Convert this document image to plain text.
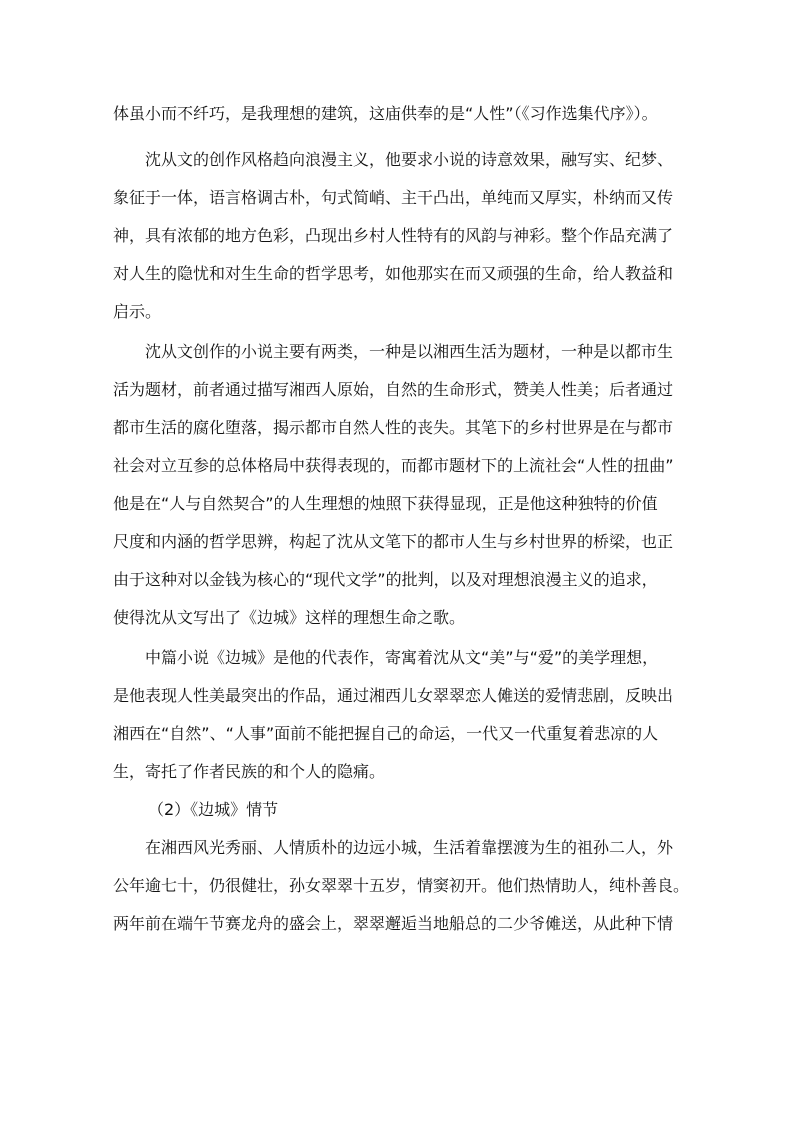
体虽小而不纤巧，是我理想的建筑，这庙供奉的是“人性”（《习作选集代序》）。
沈从文的创作风格趋向浪漫主义，他要求小说的诗意效果，融写实、纪梦、
象征于一体，语言格调古朴，句式简峭、主干凸出，单纯而又厚实，朴纳而又传
神，具有浓郁的地方色彩，凸现出乡村人性特有的风韵与神彩。整个作品充满了
对人生的隐忧和对生生命的哲学思考，如他那实在而又顽强的生命，给人教益和
启示。
沈从文创作的小说主要有两类，一种是以湘西生活为题材，一种是以都市生
活为题材，前者通过描写湘西人原始，自然的生命形式，赞美人性美；后者通过
都市生活的腐化堕落，揭示都市自然人性的丧失。其笔下的乡村世界是在与都市
社会对立互参的总体格局中获得表现的，而都市题材下的上流社会“人性的扭曲”
他是在“人与自然契合”的人生理想的烛照下获得显现，正是他这种独特的价值
尺度和内涵的哲学思辨，构起了沈从文笔下的都市人生与乡村世界的桥梁，也正
由于这种对以金钱为核心的“现代文学”的批判，以及对理想浪漫主义的追求，
使得沈从文写出了《边城》这样的理想生命之歌。
中篇小说《边城》是他的代表作，寄寓着沈从文“美”与“爱”的美学理想，
是他表现人性美最突出的作品，通过湘西儿女翠翠恋人傩送的爱情悲剧，反映出
湘西在“自然”、“人事”面前不能把握自己的命运，一代又一代重复着悲凉的人
生，寄托了作者民族的和个人的隐痛。
（2）《边城》情节
在湘西风光秀丽、人情质朴的边远小城，生活着靠摆渡为生的祖孙二人，外
公年逾七十，仍很健壮，孙女翠翠十五岁，情窦初开。他们热情助人，纯朴善良。
两年前在端午节赛龙舟的盛会上，翠翠邂逅当地船总的二少爷傩送，从此种下情
